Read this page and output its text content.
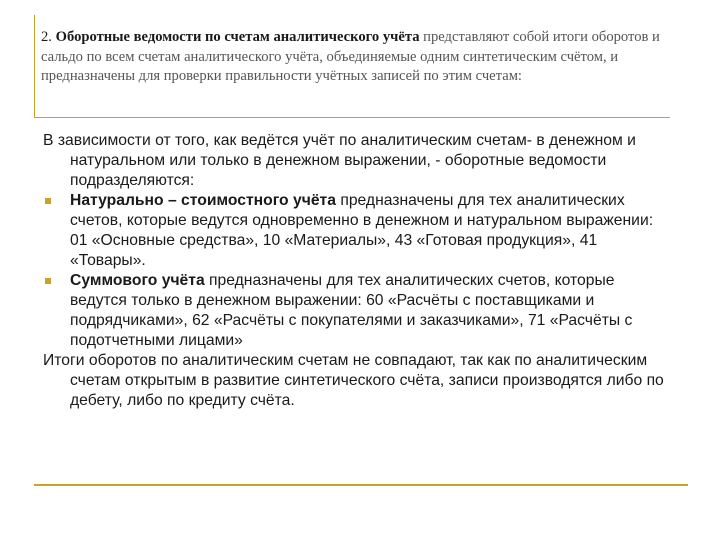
2. Оборотные ведомости по счетам аналитического учёта представляют собой итоги оборотов и сальдо по всем счетам аналитического учёта, объединяемые одним синтетическим счётом, и предназначены для проверки правильности учётных записей по этим счетам:
В зависимости от того, как ведётся учёт по аналитическим счетам- в денежном и натуральном или только в денежном выражении, - оборотные ведомости подразделяются:
Натурально – стоимостного учёта предназначены для тех аналитических счетов, которые ведутся одновременно в денежном и натуральном выражении: 01 «Основные средства», 10 «Материалы», 43 «Готовая продукция», 41 «Товары».
Суммового учёта предназначены для тех аналитических счетов, которые ведутся только в денежном выражении: 60 «Расчёты с поставщиками и подрядчиками», 62 «Расчёты с покупателями и заказчиками», 71 «Расчёты с подотчетными лицами»
Итоги оборотов по аналитическим счетам не совпадают, так как по аналитическим счетам открытым в развитие синтетического счёта, записи производятся либо по дебету, либо по кредиту счёта.
